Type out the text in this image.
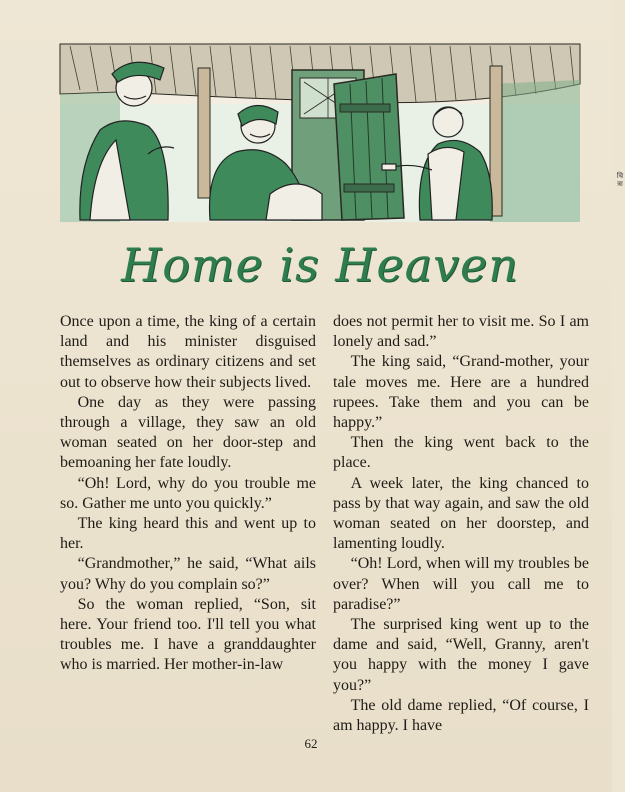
चि
त्रा
Home is Heaven

Once upon a time, the king of a certain land and his minister disguised themselves as ordinary citizens and set out to observe how their subjects lived.

One day as they were passing through a village, they saw an old woman seated on her door-step and bemoaning her fate loudly.

“Oh! Lord, why do you trouble me so. Gather me unto you quickly.”

The king heard this and went up to her.

“Grandmother,” he said, “What ails you? Why do you complain so?”

So the woman replied, “Son, sit here. Your friend too. I'll tell you what troubles me. I have a granddaughter who is married. Her mother-in-law

does not permit her to visit me. So I am lonely and sad.”

The king said, “Grand-mother, your tale moves me. Here are a hundred rupees. Take them and you can be happy.”

Then the king went back to the place.

A week later, the king chanced to pass by that way again, and saw the old woman seated on her doorstep, and lamenting loudly.

“Oh! Lord, when will my troubles be over? When will you call me to paradise?”

The surprised king went up to the dame and said, “Well, Granny, aren't you happy with the money I gave you?”

The old dame replied, “Of course, I am happy. I have

62
